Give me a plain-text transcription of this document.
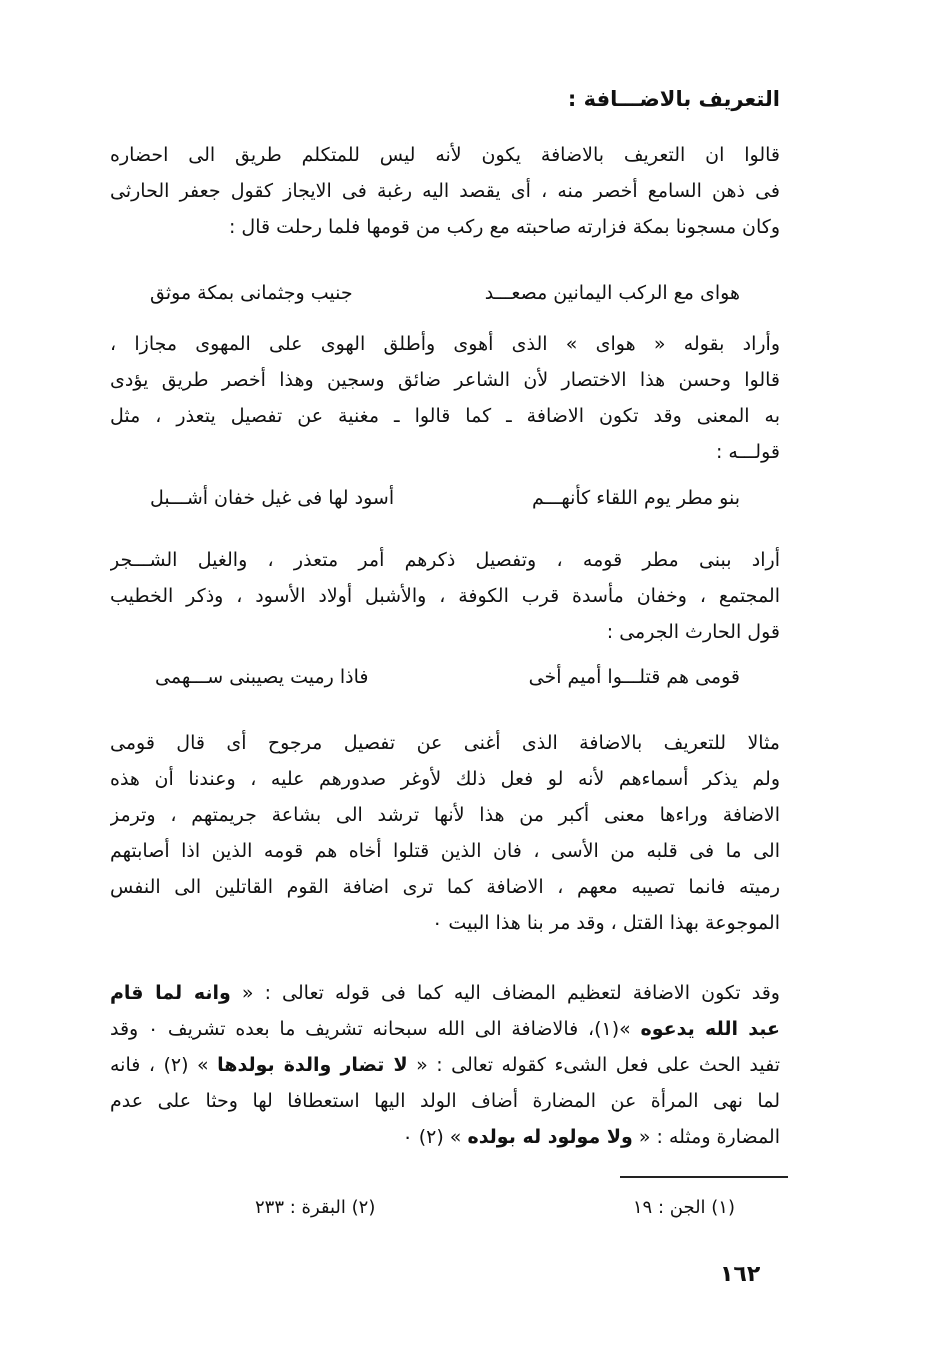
التعريف بالاضـــافة :
قالوا ان التعريف بالاضافة يكون لأنه ليس للمتكلم طريق الى احضاره
فى ذهن السامع أخصر منه ، أى يقصد اليه رغبة فى الايجاز كقول جعفر الحارثى
وكان مسجونا بمكة فزارته صاحبته مع ركب من قومها فلما رحلت قال :
هواى مع الركب اليمانين مصعـــد
جنيب وجثمانى بمكة موثق
وأراد بقوله « هواى » الذى أهوى وأطلق الهوى على المهوى مجازا ،
قالوا وحسن هذا الاختصار لأن الشاعر ضائق وسجين وهذا أخصر طريق يؤدى
به المعنى وقد تكون الاضافة ـ كما قالوا ـ مغنية عن تفصيل يتعذر ، مثل
قولـــه :
بنو مطر يوم اللقاء كأنهـــم
أسود لها فى غيل خفان أشـــبل
أراد ببنى مطر قومه ، وتفصيل ذكرهم أمر متعذر ، والغيل الشـــجر
المجتمع ، وخفان مأسدة قرب الكوفة ، والأشبل أولاد الأسود ، وذكر الخطيب
قول الحارث الجرمى :
قومى هم قتلـــوا أميم أخى
فاذا رميت يصيبنى ســـهمى
مثالا للتعريف بالاضافة الذى أغنى عن تفصيل مرجوح أى قال قومى
ولم يذكر أسماءهم لأنه لو فعل ذلك لأوغر صدورهم عليه ، وعندنا أن هذه
الاضافة وراءها معنى أكبر من هذا لأنها ترشد الى بشاعة جريمتهم ، وترمز
الى ما فى قلبه من الأسى ، فان الذين قتلوا أخاه هم قومه الذين اذا أصابتهم
رميته فانما تصيبه معهم ، الاضافة كما ترى اضافة القوم القاتلين الى النفس
الموجوعة بهذا القتل ، وقد مر بنا هذا البيت ٠
وقد تكون الاضافة لتعظيم المضاف اليه كما فى قوله تعالى : « وانه لما قام
عبد الله يدعوه »(١)، فالاضافة الى الله سبحانه تشريف ما بعده تشريف ٠ وقد
تفيد الحث على فعل الشىء كقوله تعالى : « لا تضار والدة بولدها » (٢) ، فانه
لما نهى المرأة عن المضارة أضاف الولد اليها استعطافا لها وحثا على عدم
المضارة ومثله : « ولا مولود له بولده » (٢) ٠
(١) الجن : ١٩
(٢) البقرة : ٢٣٣
١٦٢
